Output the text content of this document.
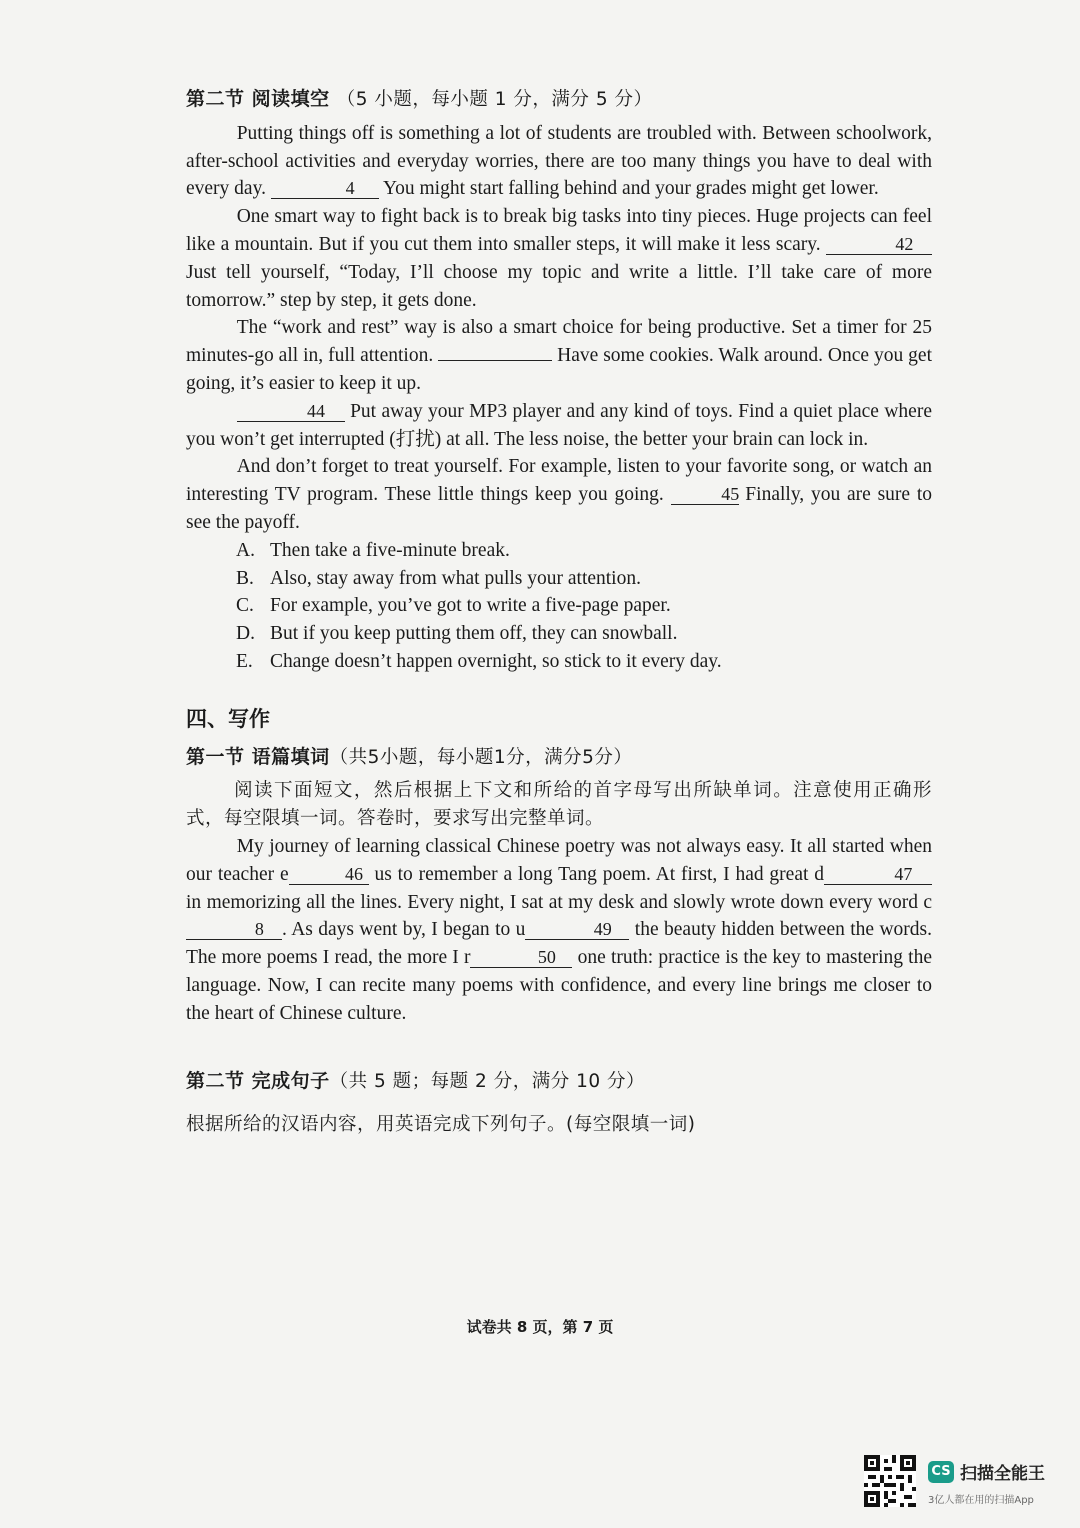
第二节 阅读填空 （5 小题，每小题 1 分，满分 5 分）

Putting things off is something a lot of students are troubled with. Between schoolwork, after-school activities and everyday worries, there are too many things you have to deal with every day.	4 You might start falling behind and your grades might get lower.

One smart way to fight back is to break big tasks into tiny pieces. Huge projects can feel like a mountain. But if you cut them into smaller steps, it will make it less scary.	42 Just tell yourself, “Today, I’ll choose my topic and write a little. I’ll take care of more tomorrow.” step by step, it gets done.

The “work and rest” way is also a smart choice for being productive. Set a timer for 25 minutes-go all in, full attention.	Have some cookies. Walk around. Once you get going, it’s easier to keep it up.

44 Put away your MP3 player and any kind of toys. Find a quiet place where you won’t get interrupted (打扰) at all. The less noise, the better your brain can lock in.

And don’t forget to treat yourself. For example, listen to your favorite song, or watch an interesting TV program. These little things keep you going.	45 Finally, you are sure to see the payoff.

A. Then take a five-minute break.
B. Also, stay away from what pulls your attention.
C. For example, you’ve got to write a five-page paper.
D. But if you keep putting them off, they can snowball.
E. Change doesn’t happen overnight, so stick to it every day.
四、写作
第一节 语篇填词（共5小题，每小题1分，满分5分）

阅读下面短文，然后根据上下文和所给的首字母写出所缺单词。注意使用正确形式，每空限填一词。答卷时，要求写出完整单词。

My journey of learning classical Chinese poetry was not always easy. It all started when our teacher e	46 us to remember a long Tang poem. At first, I had great d	47 in memorizing all the lines. Every night, I sat at my desk and slowly wrote down every word c8 . As days went by, I began to u	49 the beauty hidden between the words. The more poems I read, the more I r	50 one truth: practice is the key to mastering the language. Now, I can recite many poems with confidence, and every line brings me closer to the heart of Chinese culture.

第二节 完成句子（共 5 题；每题 2 分，满分 10 分）

根据所给的汉语内容，用英语完成下列句子。(每空限填一词)

试卷共 8 页，第 7 页
CS 扫描全能王
3亿人都在用的扫描App
